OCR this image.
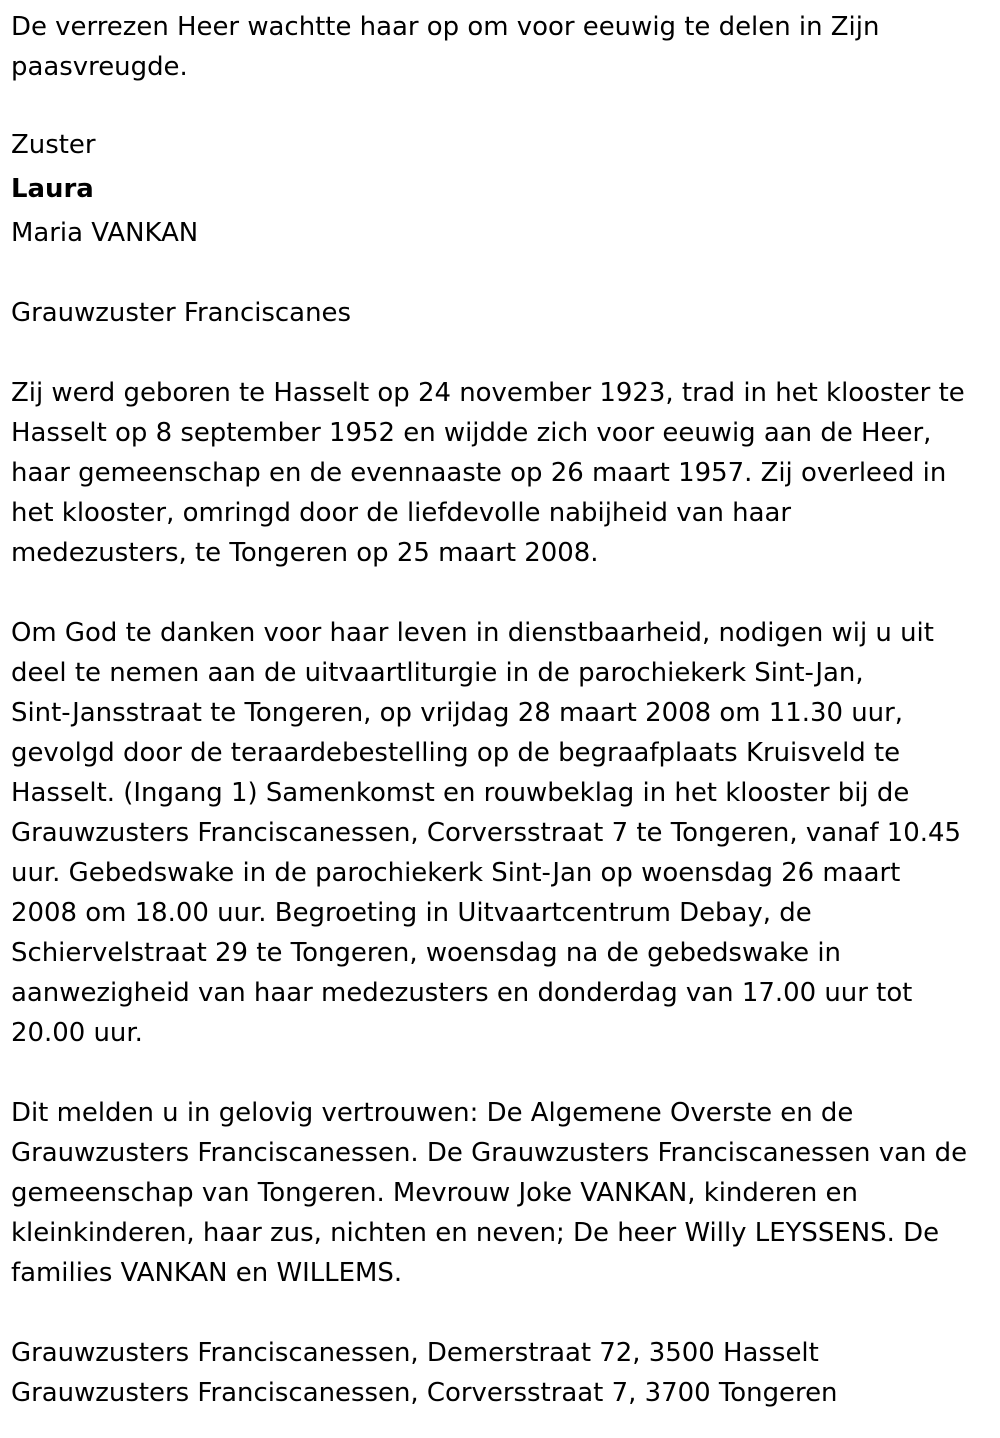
De verrezen Heer wachtte haar op om voor eeuwig te delen in Zijn
paasvreugde.
Zuster
Laura
Maria VANKAN
Grauwzuster Franciscanes
Zij werd geboren te Hasselt op 24 november 1923, trad in het klooster te
Hasselt op 8 september 1952 en wijdde zich voor eeuwig aan de Heer,
haar gemeenschap en de evennaaste op 26 maart 1957. Zij overleed in
het klooster, omringd door de liefdevolle nabijheid van haar
medezusters, te Tongeren op 25 maart 2008.
Om God te danken voor haar leven in dienstbaarheid, nodigen wij u uit
deel te nemen aan de uitvaartliturgie in de parochiekerk Sint-Jan,
Sint-Jansstraat te Tongeren, op vrijdag 28 maart 2008 om 11.30 uur,
gevolgd door de teraardebestelling op de begraafplaats Kruisveld te
Hasselt. (Ingang 1) Samenkomst en rouwbeklag in het klooster bij de
Grauwzusters Franciscanessen, Corversstraat 7 te Tongeren, vanaf 10.45
uur. Gebedswake in de parochiekerk Sint-Jan op woensdag 26 maart
2008 om 18.00 uur. Begroeting in Uitvaartcentrum Debay, de
Schiervelstraat 29 te Tongeren, woensdag na de gebedswake in
aanwezigheid van haar medezusters en donderdag van 17.00 uur tot
20.00 uur.
Dit melden u in gelovig vertrouwen: De Algemene Overste en de
Grauwzusters Franciscanessen. De Grauwzusters Franciscanessen van de
gemeenschap van Tongeren. Mevrouw Joke VANKAN, kinderen en
kleinkinderen, haar zus, nichten en neven; De heer Willy LEYSSENS. De
families VANKAN en WILLEMS.
Grauwzusters Franciscanessen, Demerstraat 72, 3500 Hasselt
Grauwzusters Franciscanessen, Corversstraat 7, 3700 Tongeren
